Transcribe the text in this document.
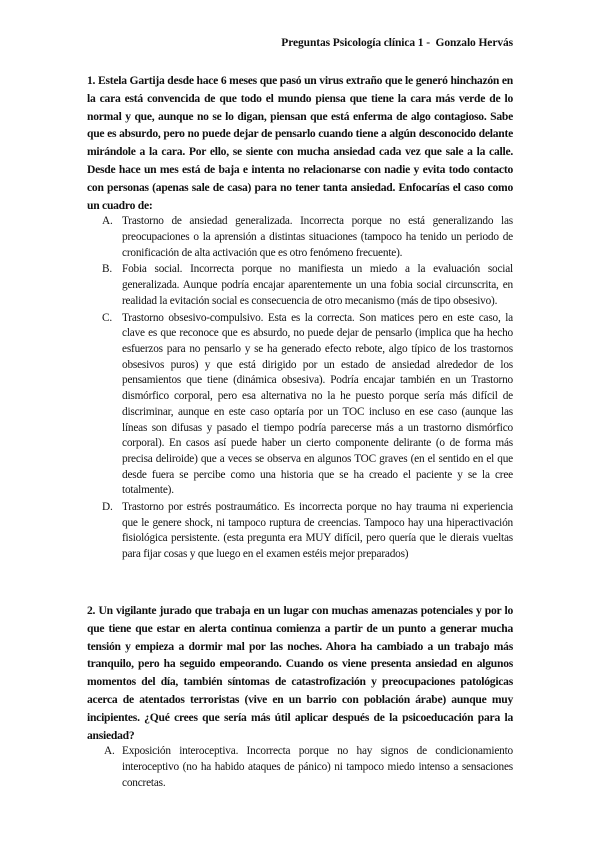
Preguntas Psicología clínica 1 - Gonzalo Hervás

1. Estela Gartija desde hace 6 meses que pasó un virus extraño que le generó hinchazón en la cara está convencida de que todo el mundo piensa que tiene la cara más verde de lo normal y que, aunque no se lo digan, piensan que está enferma de algo contagioso. Sabe que es absurdo, pero no puede dejar de pensarlo cuando tiene a algún desconocido delante mirándole a la cara. Por ello, se siente con mucha ansiedad cada vez que sale a la calle. Desde hace un mes está de baja e intenta no relacionarse con nadie y evita todo contacto con personas (apenas sale de casa) para no tener tanta ansiedad. Enfocarías el caso como un cuadro de:

A. Trastorno de ansiedad generalizada. Incorrecta porque no está generalizando las preocupaciones o la aprensión a distintas situaciones (tampoco ha tenido un periodo de cronificación de alta activación que es otro fenómeno frecuente).
B. Fobia social. Incorrecta porque no manifiesta un miedo a la evaluación social generalizada. Aunque podría encajar aparentemente un una fobia social circunscrita, en realidad la evitación social es consecuencia de otro mecanismo (más de tipo obsesivo).
C. Trastorno obsesivo-compulsivo. Esta es la correcta. Son matices pero en este caso, la clave es que reconoce que es absurdo, no puede dejar de pensarlo (implica que ha hecho esfuerzos para no pensarlo y se ha generado efecto rebote, algo típico de los trastornos obsesivos puros) y que está dirigido por un estado de ansiedad alrededor de los pensamientos que tiene (dinámica obsesiva). Podría encajar también en un Trastorno dismórfico corporal, pero esa alternativa no la he puesto porque sería más difícil de discriminar, aunque en este caso optaría por un TOC incluso en ese caso (aunque las líneas son difusas y pasado el tiempo podría parecerse más a un trastorno dismórfico corporal). En casos así puede haber un cierto componente delirante (o de forma más precisa deliroide) que a veces se observa en algunos TOC graves (en el sentido en el que desde fuera se percibe como una historia que se ha creado el paciente y se la cree totalmente).
D. Trastorno por estrés postraumático. Es incorrecta porque no hay trauma ni experiencia que le genere shock, ni tampoco ruptura de creencias. Tampoco hay una hiperactivación fisiológica persistente. (esta pregunta era MUY difícil, pero quería que le dierais vueltas para fijar cosas y que luego en el examen estéis mejor preparados)

2. Un vigilante jurado que trabaja en un lugar con muchas amenazas potenciales y por lo que tiene que estar en alerta continua comienza a partir de un punto a generar mucha tensión y empieza a dormir mal por las noches. Ahora ha cambiado a un trabajo más tranquilo, pero ha seguido empeorando. Cuando os viene presenta ansiedad en algunos momentos del día, también síntomas de catastrofización y preocupaciones patológicas acerca de atentados terroristas (vive en un barrio con población árabe) aunque muy incipientes. ¿Qué crees que sería más útil aplicar después de la psicoeducación para la ansiedad?

A. Exposición interoceptiva. Incorrecta porque no hay signos de condicionamiento interoceptivo (no ha habido ataques de pánico) ni tampoco miedo intenso a sensaciones concretas.
